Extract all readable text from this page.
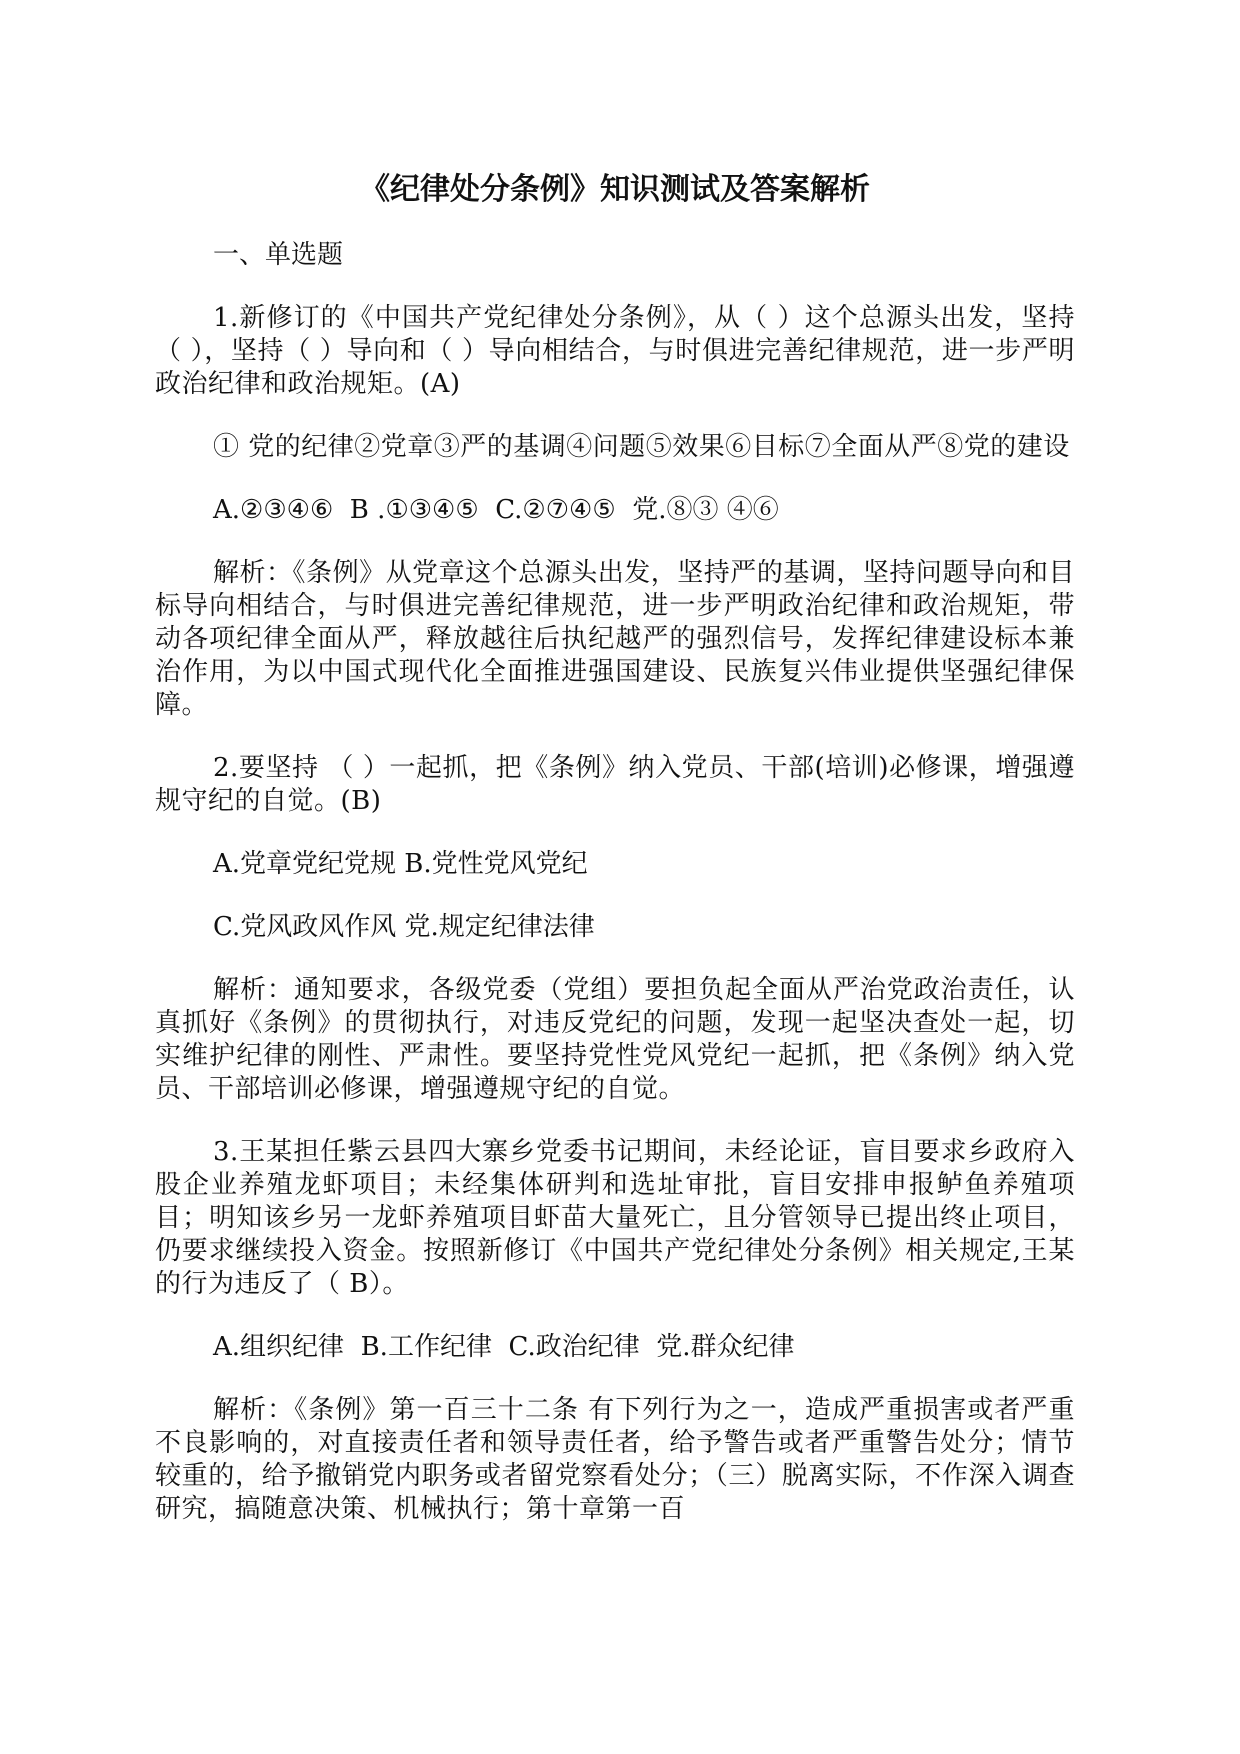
《纪律处分条例》知识测试及答案解析
一、单选题

1.新修订的《中国共产党纪律处分条例》，从（ ）这个总源头出发，坚持（ ），坚持（ ）导向和（ ）导向相结合，与时俱进完善纪律规范，进一步严明政治纪律和政治规矩。(A)

① 党的纪律②党章③严的基调④问题⑤效果⑥目标⑦全面从严⑧党的建设

A.②③④⑥  B .①③④⑤  C.②⑦④⑤  党.⑧③ ④⑥

解析：《条例》从党章这个总源头出发，坚持严的基调，坚持问题导向和目标导向相结合，与时俱进完善纪律规范，进一步严明政治纪律和政治规矩，带动各项纪律全面从严，释放越往后执纪越严的强烈信号，发挥纪律建设标本兼治作用，为以中国式现代化全面推进强国建设、民族复兴伟业提供坚强纪律保障。

2.要坚持 （ ）一起抓，把《条例》纳入党员、干部(培训)必修课，增强遵规守纪的自觉。(B)

A.党章党纪党规 B.党性党风党纪

C.党风政风作风 党.规定纪律法律

解析：通知要求，各级党委（党组）要担负起全面从严治党政治责任，认真抓好《条例》的贯彻执行，对违反党纪的问题，发现一起坚决查处一起，切实维护纪律的刚性、严肃性。要坚持党性党风党纪一起抓，把《条例》纳入党员、干部培训必修课，增强遵规守纪的自觉。

3.王某担任紫云县四大寨乡党委书记期间，未经论证，盲目要求乡政府入股企业养殖龙虾项目；未经集体研判和选址审批，盲目安排申报鲈鱼养殖项目；明知该乡另一龙虾养殖项目虾苗大量死亡，且分管领导已提出终止项目，仍要求继续投入资金。按照新修订《中国共产党纪律处分条例》相关规定,王某的行为违反了（ B）。

A.组织纪律  B.工作纪律  C.政治纪律  党.群众纪律

解析：《条例》第一百三十二条 有下列行为之一，造成严重损害或者严重不良影响的，对直接责任者和领导责任者，给予警告或者严重警告处分；情节较重的，给予撤销党内职务或者留党察看处分；（三）脱离实际，不作深入调查研究，搞随意决策、机械执行；第十章第一百
